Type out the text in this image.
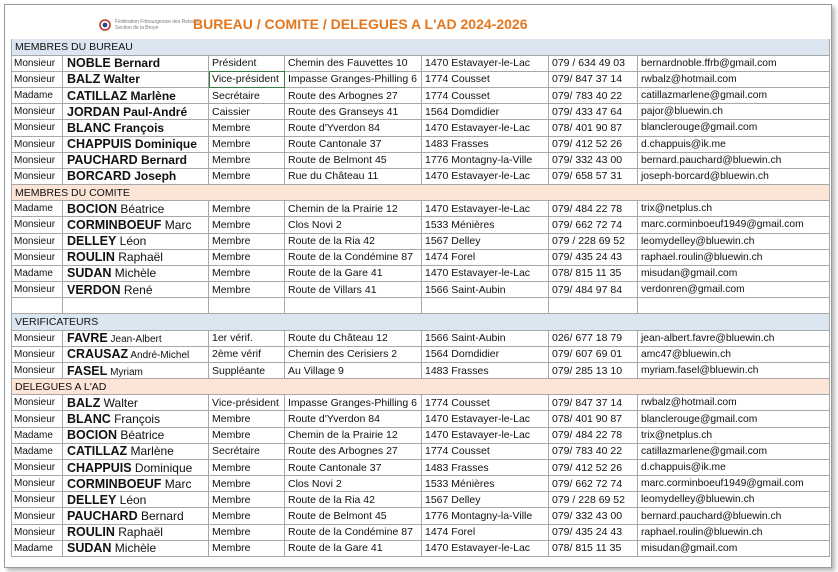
Fédération Fribourgeoise des Retraités
Section de la Broye	BUREAU / COMITE / DELEGUES A L'AD 2024-2026
MEMBRES DU BUREAU						
Monsieur	NOBLE Bernard	Président	Chemin des Fauvettes 10	1470 Estavayer-le-Lac	079 / 634 49 03	bernardnoble.ffrb@gmail.com
Monsieur	BALZ Walter	Vice-président	Impasse Granges-Philling 6	1774 Cousset	079/ 847 37 14	rwbalz@hotmail.com
Madame	CATILLAZ Marlène	Secrétaire	Route des Arbognes 27	1774 Cousset	079/ 783 40 22	catillazmarlene@gmail.com
Monsieur	JORDAN Paul-André	Caissier	Route des Granseys 41	1564 Domdidier	079/ 433 47 64	pajor@bluewin.ch
Monsieur	BLANC François	Membre	Route d'Yverdon 84	1470 Estavayer-le-Lac	078/ 401 90 87	blanclerouge@gmail.com
Monsieur	CHAPPUIS Dominique	Membre	Route Cantonale 37	1483 Frasses	079/ 412 52 26	d.chappuis@ik.me
Monsieur	PAUCHARD Bernard	Membre	Route de Belmont 45	1776 Montagny-la-Ville	079/ 332 43 00	bernard.pauchard@bluewin.ch
Monsieur	BORCARD Joseph	Membre	Rue du Château 11	1470 Estavayer-le-Lac	079/ 658 57 31	joseph-borcard@bluewin.ch
MEMBRES DU COMITE						
Madame	BOCION Béatrice	Membre	Chemin de la Prairie 12	1470 Estavayer-le-Lac	079/ 484 22 78	trix@netplus.ch
Monsieur	CORMINBOEUF Marc	Membre	Clos Novi 2	1533 Ménières	079/ 662 72 74	marc.corminboeuf1949@gmail.com
Monsieur	DELLEY Léon	Membre	Route de la Ria 42	1567 Delley	079 / 228 69 52	leomydelley@bluewin.ch
Monsieur	ROULIN Raphaël	Membre	Route de la Condémine 87	1474 Forel	079/ 435 24 43	raphael.roulin@bluewin.ch
Madame	SUDAN Michèle	Membre	Route de la Gare 41	1470 Estavayer-le-Lac	078/ 815 11 35	misudan@gmail.com
Monsieur	VERDON René	Membre	Route de Villars 41	1566 Saint-Aubin	079/ 484 97 84	verdonren@gmail.com

VERIFICATEURS						
Monsieur	FAVRE Jean-Albert	1er vérif.	Route du Château 12	1566 Saint-Aubin	026/ 677 18 79	jean-albert.favre@bluewin.ch
Monsieur	CRAUSAZ André-Michel	2ème vérif	Chemin des Cerisiers 2	1564 Domdidier	079/ 607 69 01	amc47@bluewin.ch
Monsieur	FASEL Myriam	Suppléante	Au Village 9	1483 Frasses	079/ 285 13 10	myriam.fasel@bluewin.ch
DELEGUES A L'AD						
Monsieur	BALZ Walter	Vice-président	Impasse Granges-Philling 6	1774 Cousset	079/ 847 37 14	rwbalz@hotmail.com
Monsieur	BLANC François	Membre	Route d'Yverdon 84	1470 Estavayer-le-Lac	078/ 401 90 87	blanclerouge@gmail.com
Madame	BOCION Béatrice	Membre	Chemin de la Prairie 12	1470 Estavayer-le-Lac	079/ 484 22 78	trix@netplus.ch
Madame	CATILLAZ Marlène	Secrétaire	Route des Arbognes 27	1774 Cousset	079/ 783 40 22	catillazmarlene@gmail.com
Monsieur	CHAPPUIS Dominique	Membre	Route Cantonale 37	1483 Frasses	079/ 412 52 26	d.chappuis@ik.me
Monsieur	CORMINBOEUF Marc	Membre	Clos Novi 2	1533 Ménières	079/ 662 72 74	marc.corminboeuf1949@gmail.com
Monsieur	DELLEY Léon	Membre	Route de la Ria 42	1567 Delley	079 / 228 69 52	leomydelley@bluewin.ch
Monsieur	PAUCHARD Bernard	Membre	Route de Belmont 45	1776 Montagny-la-Ville	079/ 332 43 00	bernard.pauchard@bluewin.ch
Monsieur	ROULIN Raphaël	Membre	Route de la Condémine 87	1474 Forel	079/ 435 24 43	raphael.roulin@bluewin.ch
Madame	SUDAN Michèle	Membre	Route de la Gare 41	1470 Estavayer-le-Lac	078/ 815 11 35	misudan@gmail.com
